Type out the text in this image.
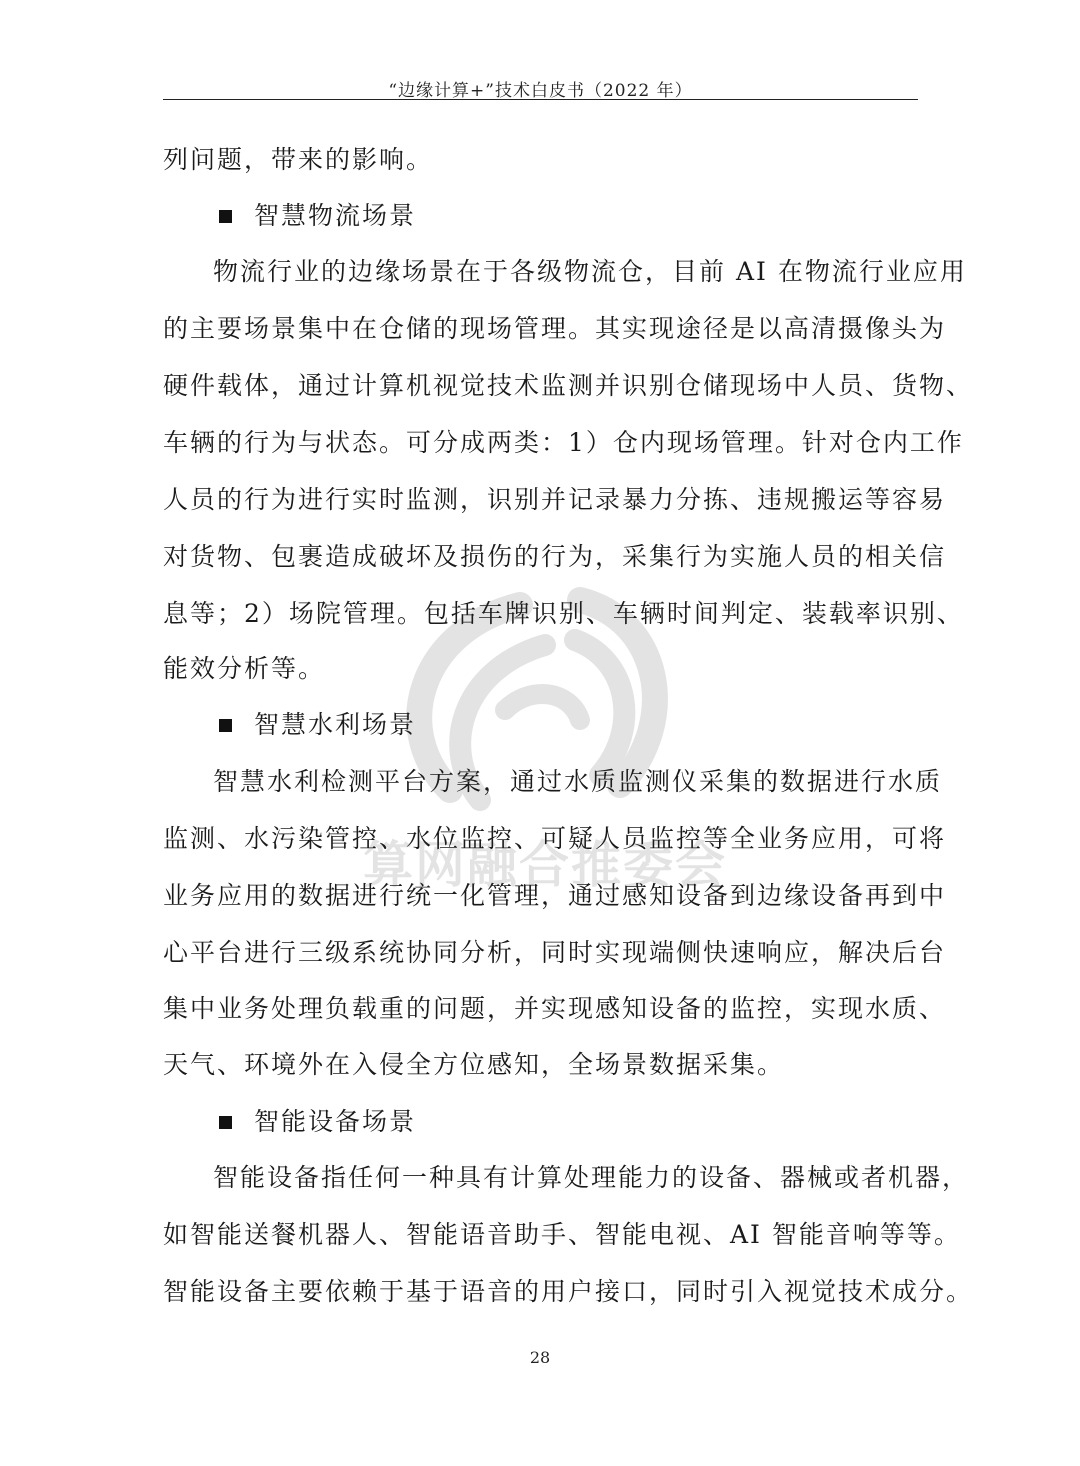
“边缘计算+”技术白皮书（2022 年）
列问题，带来的影响。
智慧物流场景
物流行业的边缘场景在于各级物流仓，目前 AI 在物流行业应用
的主要场景集中在仓储的现场管理。其实现途径是以高清摄像头为
硬件载体，通过计算机视觉技术监测并识别仓储现场中人员、货物、
车辆的行为与状态。可分成两类：1）仓内现场管理。针对仓内工作
人员的行为进行实时监测，识别并记录暴力分拣、违规搬运等容易
对货物、包裹造成破坏及损伤的行为，采集行为实施人员的相关信
息等；2）场院管理。包括车牌识别、车辆时间判定、装载率识别、
能效分析等。
智慧水利场景
智慧水利检测平台方案，通过水质监测仪采集的数据进行水质
监测、水污染管控、水位监控、可疑人员监控等全业务应用，可将
业务应用的数据进行统一化管理，通过感知设备到边缘设备再到中
心平台进行三级系统协同分析，同时实现端侧快速响应，解决后台
集中业务处理负载重的问题，并实现感知设备的监控，实现水质、
天气、环境外在入侵全方位感知，全场景数据采集。
智能设备场景
智能设备指任何一种具有计算处理能力的设备、器械或者机器，
如智能送餐机器人、智能语音助手、智能电视、AI 智能音响等等。
智能设备主要依赖于基于语音的用户接口，同时引入视觉技术成分。
算网融合推委会
28
